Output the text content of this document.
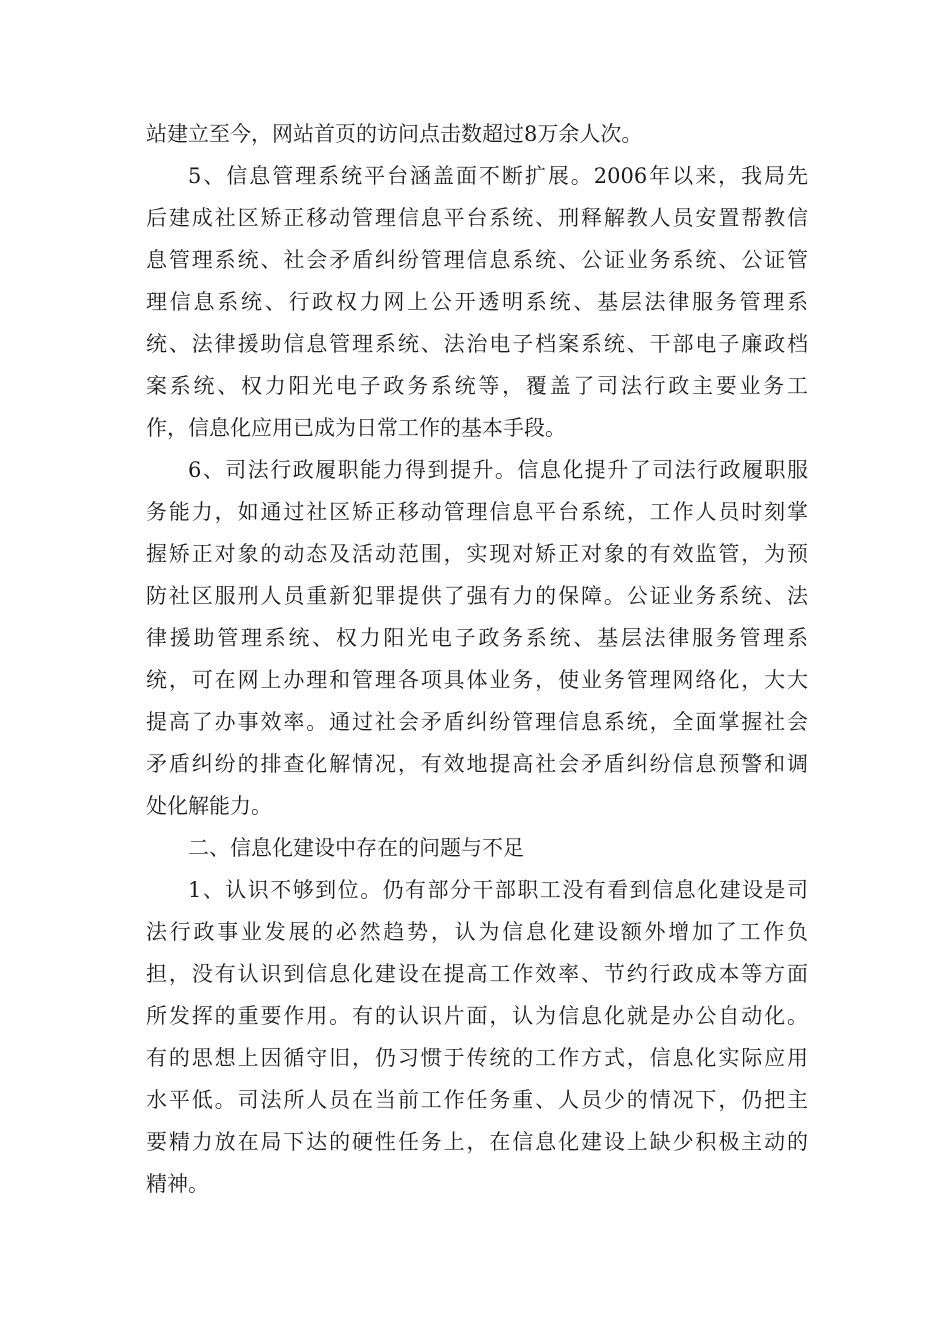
站建立至今，网站首页的访问点击数超过8万余人次。
5、信息管理系统平台涵盖面不断扩展。2006年以来，我局先
后建成社区矫正移动管理信息平台系统、刑释解教人员安置帮教信
息管理系统、社会矛盾纠纷管理信息系统、公证业务系统、公证管
理信息系统、行政权力网上公开透明系统、基层法律服务管理系
统、法律援助信息管理系统、法治电子档案系统、干部电子廉政档
案系统、权力阳光电子政务系统等，覆盖了司法行政主要业务工
作，信息化应用已成为日常工作的基本手段。
6、司法行政履职能力得到提升。信息化提升了司法行政履职服
务能力，如通过社区矫正移动管理信息平台系统，工作人员时刻掌
握矫正对象的动态及活动范围，实现对矫正对象的有效监管，为预
防社区服刑人员重新犯罪提供了强有力的保障。公证业务系统、法
律援助管理系统、权力阳光电子政务系统、基层法律服务管理系
统，可在网上办理和管理各项具体业务，使业务管理网络化，大大
提高了办事效率。通过社会矛盾纠纷管理信息系统，全面掌握社会
矛盾纠纷的排查化解情况，有效地提高社会矛盾纠纷信息预警和调
处化解能力。
二、信息化建设中存在的问题与不足
1、认识不够到位。仍有部分干部职工没有看到信息化建设是司
法行政事业发展的必然趋势，认为信息化建设额外增加了工作负
担，没有认识到信息化建设在提高工作效率、节约行政成本等方面
所发挥的重要作用。有的认识片面，认为信息化就是办公自动化。
有的思想上因循守旧，仍习惯于传统的工作方式，信息化实际应用
水平低。司法所人员在当前工作任务重、人员少的情况下，仍把主
要精力放在局下达的硬性任务上，在信息化建设上缺少积极主动的
精神。
